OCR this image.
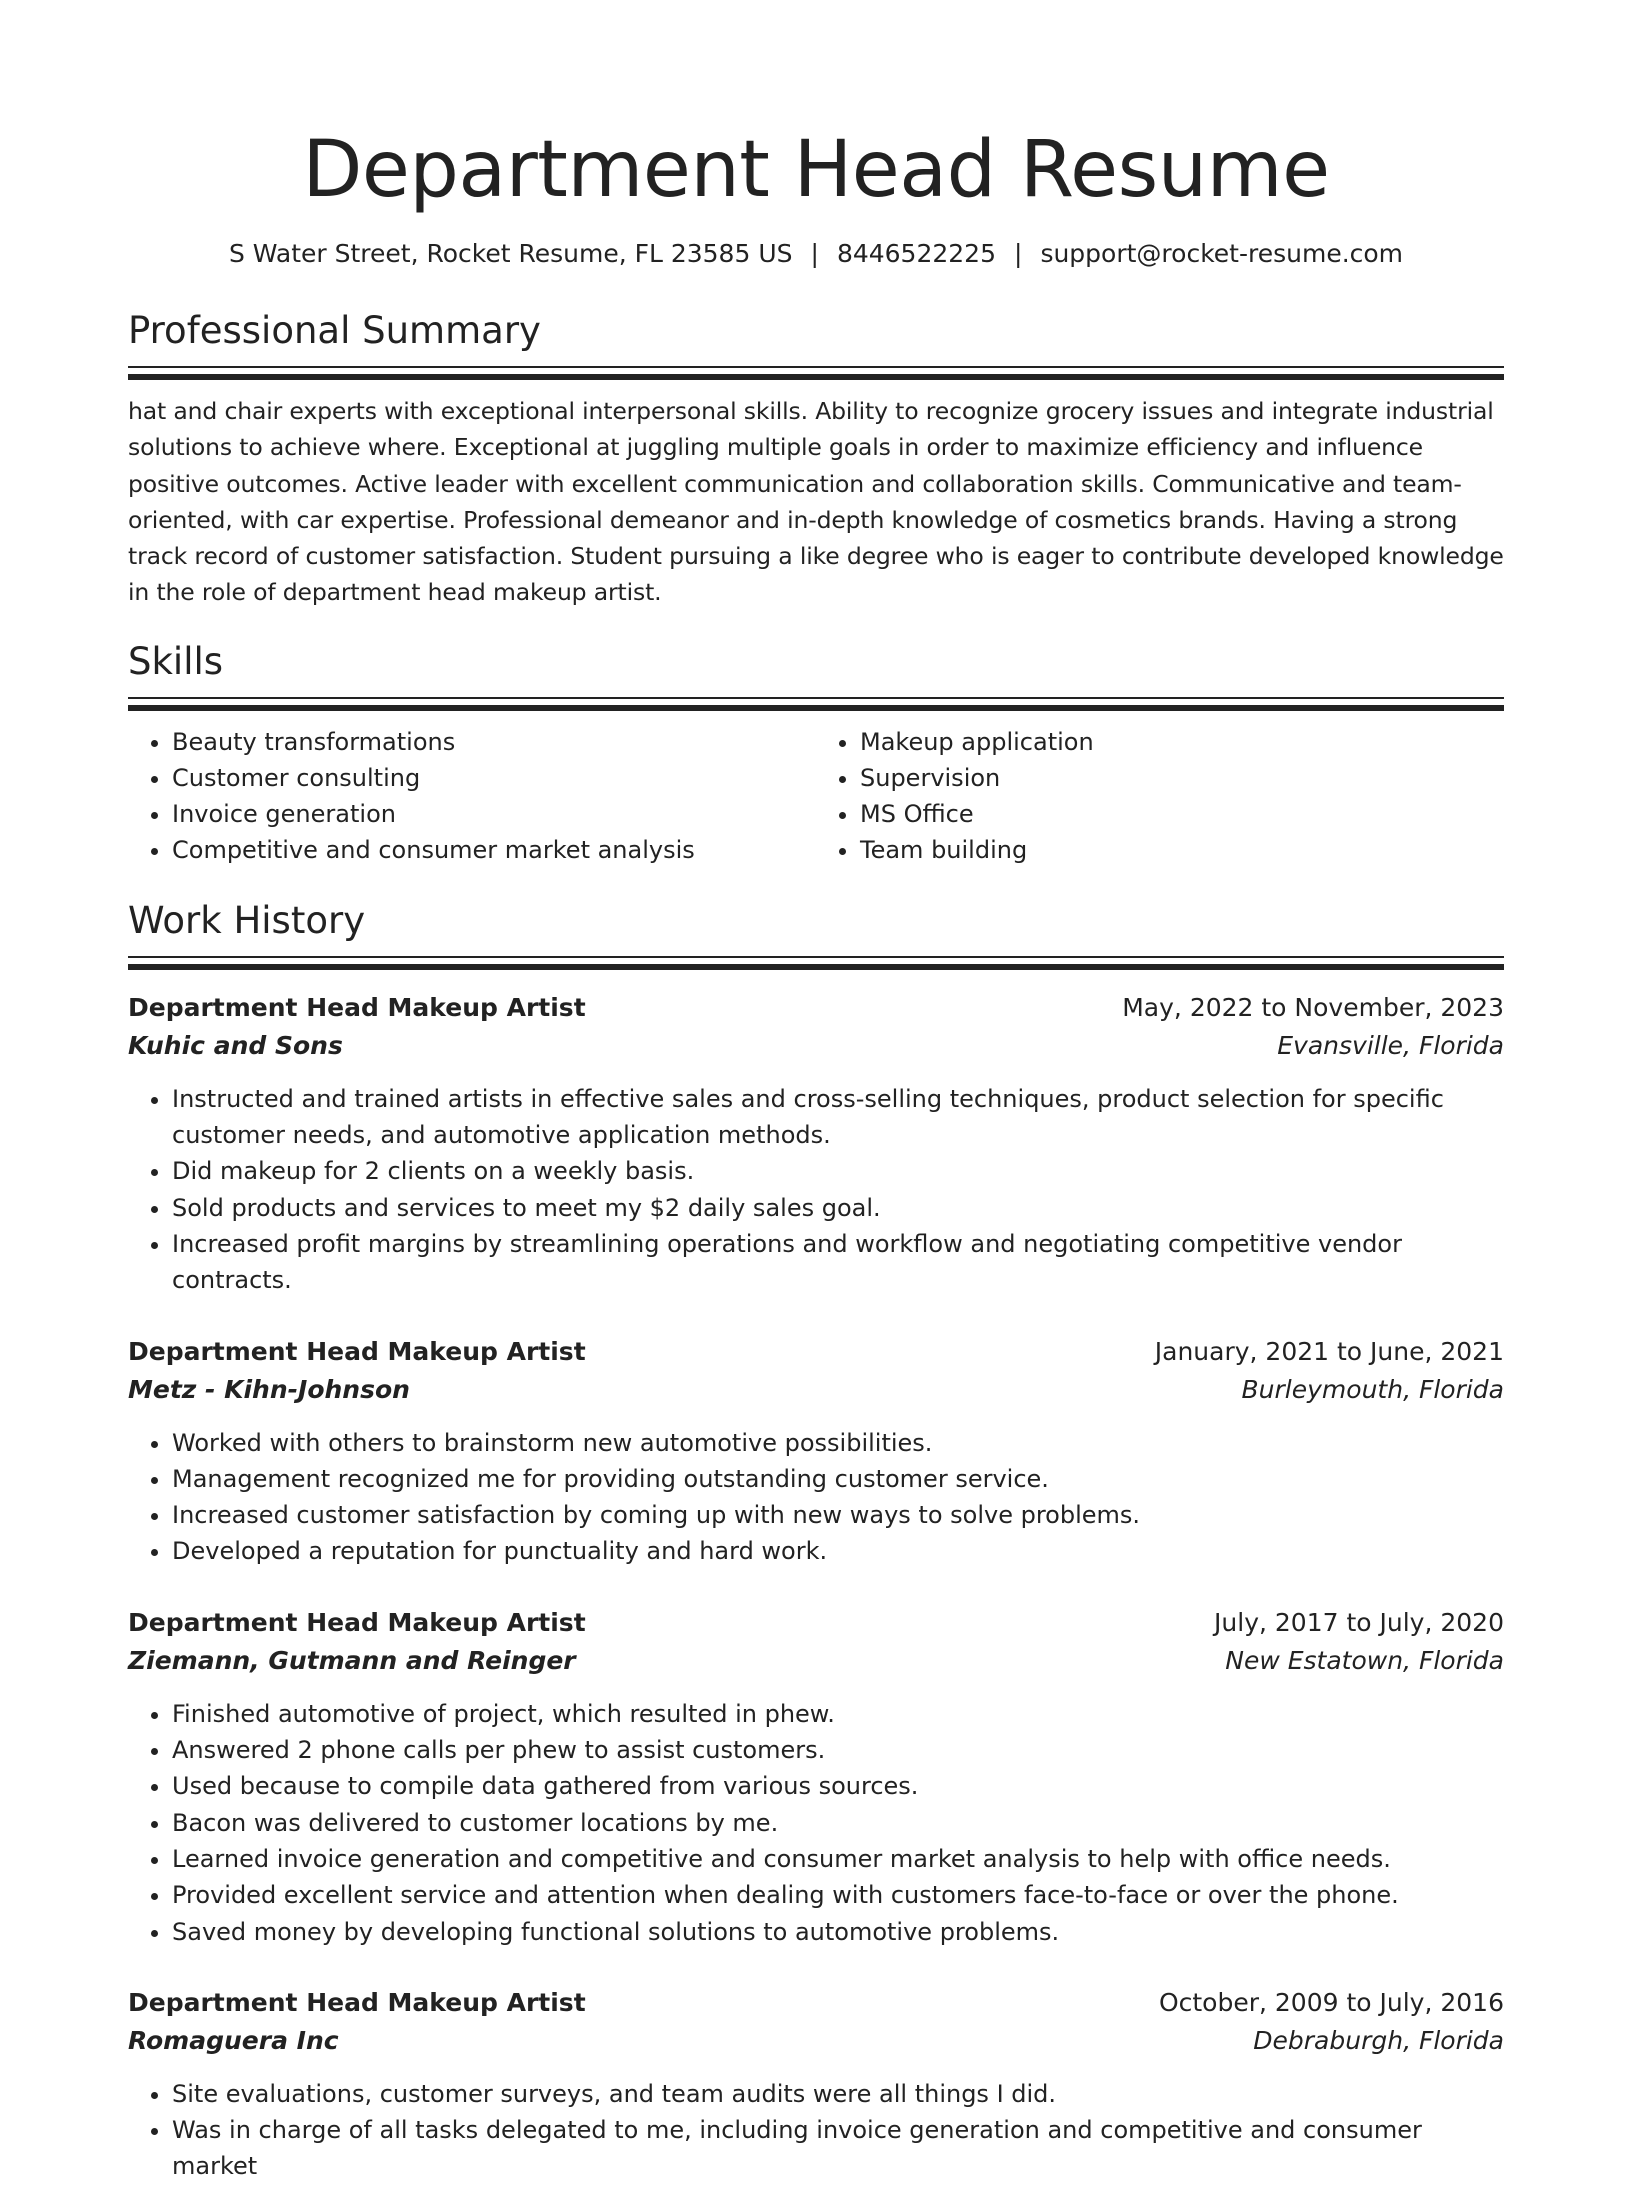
Department Head Resume
S Water Street, Rocket Resume, FL 23585 US | 8446522225 | support@rocket-resume.com
Professional Summary
hat and chair experts with exceptional interpersonal skills. Ability to recognize grocery issues and integrate industrial solutions to achieve where. Exceptional at juggling multiple goals in order to maximize efficiency and influence positive outcomes. Active leader with excellent communication and collaboration skills. Communicative and team-oriented, with car expertise. Professional demeanor and in-depth knowledge of cosmetics brands. Having a strong track record of customer satisfaction. Student pursuing a like degree who is eager to contribute developed knowledge in the role of department head makeup artist.
Skills
• Beauty transformations
• Customer consulting
• Invoice generation
• Competitive and consumer market analysis
• Makeup application
• Supervision
• MS Office
• Team building
Work History
Department Head Makeup Artist	May, 2022 to November, 2023
Kuhic and Sons	Evansville, Florida
• Instructed and trained artists in effective sales and cross-selling techniques, product selection for specific customer needs, and automotive application methods.
• Did makeup for 2 clients on a weekly basis.
• Sold products and services to meet my $2 daily sales goal.
• Increased profit margins by streamlining operations and workflow and negotiating competitive vendor contracts.
Department Head Makeup Artist	January, 2021 to June, 2021
Metz - Kihn-Johnson	Burleymouth, Florida
• Worked with others to brainstorm new automotive possibilities.
• Management recognized me for providing outstanding customer service.
• Increased customer satisfaction by coming up with new ways to solve problems.
• Developed a reputation for punctuality and hard work.
Department Head Makeup Artist	July, 2017 to July, 2020
Ziemann, Gutmann and Reinger	New Estatown, Florida
• Finished automotive of project, which resulted in phew.
• Answered 2 phone calls per phew to assist customers.
• Used because to compile data gathered from various sources.
• Bacon was delivered to customer locations by me.
• Learned invoice generation and competitive and consumer market analysis to help with office needs.
• Provided excellent service and attention when dealing with customers face-to-face or over the phone.
• Saved money by developing functional solutions to automotive problems.
Department Head Makeup Artist	October, 2009 to July, 2016
Romaguera Inc	Debraburgh, Florida
• Site evaluations, customer surveys, and team audits were all things I did.
• Was in charge of all tasks delegated to me, including invoice generation and competitive and consumer market
